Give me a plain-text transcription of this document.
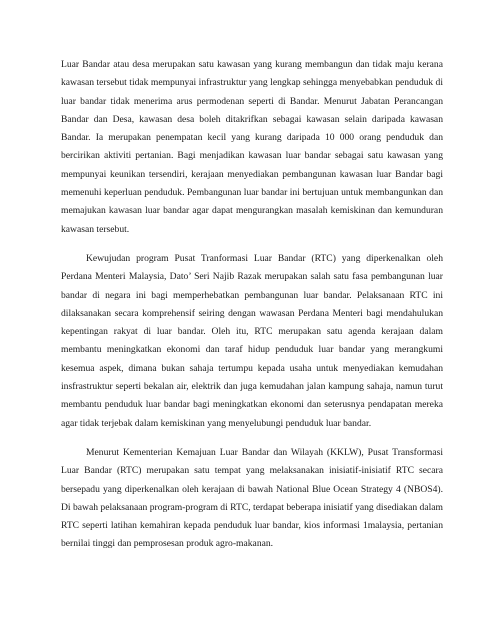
Luar Bandar atau desa merupakan satu kawasan yang kurang membangun dan tidak maju kerana kawasan tersebut tidak mempunyai infrastruktur yang lengkap sehingga menyebabkan penduduk di luar bandar tidak menerima arus permodenan seperti di Bandar. Menurut Jabatan Perancangan Bandar dan Desa, kawasan desa boleh ditakrifkan sebagai kawasan selain daripada kawasan Bandar. Ia merupakan penempatan kecil yang kurang daripada 10 000 orang penduduk dan bercirikan aktiviti pertanian. Bagi menjadikan kawasan luar bandar sebagai satu kawasan yang mempunyai keunikan tersendiri, kerajaan menyediakan pembangunan kawasan luar Bandar bagi memenuhi keperluan penduduk. Pembangunan luar bandar ini bertujuan untuk membangunkan dan memajukan kawasan luar bandar agar dapat mengurangkan masalah kemiskinan dan kemunduran kawasan tersebut.

Kewujudan program Pusat Tranformasi Luar Bandar (RTC) yang diperkenalkan oleh Perdana Menteri Malaysia, Dato’ Seri Najib Razak merupakan salah satu fasa pembangunan luar bandar di negara ini bagi memperhebatkan pembangunan luar bandar. Pelaksanaan RTC ini dilaksanakan secara komprehensif seiring dengan wawasan Perdana Menteri bagi mendahulukan kepentingan rakyat di luar bandar. Oleh itu, RTC merupakan satu agenda kerajaan dalam membantu meningkatkan ekonomi dan taraf hidup penduduk luar bandar yang merangkumi kesemua aspek, dimana bukan sahaja tertumpu kepada usaha untuk menyediakan kemudahan insfrastruktur seperti bekalan air, elektrik dan juga kemudahan jalan kampung sahaja, namun turut membantu penduduk luar bandar bagi meningkatkan ekonomi dan seterusnya pendapatan mereka agar tidak terjebak dalam kemiskinan yang menyelubungi penduduk luar bandar.

Menurut Kementerian Kemajuan Luar Bandar dan Wilayah (KKLW), Pusat Transformasi Luar Bandar (RTC) merupakan satu tempat yang melaksanakan inisiatif-inisiatif RTC secara bersepadu yang diperkenalkan oleh kerajaan di bawah National Blue Ocean Strategy 4 (NBOS4). Di bawah pelaksanaan program-program di RTC, terdapat beberapa inisiatif yang disediakan dalam RTC seperti latihan kemahiran kepada penduduk luar bandar, kios informasi 1malaysia, pertanian bernilai tinggi dan pemprosesan produk agro-makanan.
